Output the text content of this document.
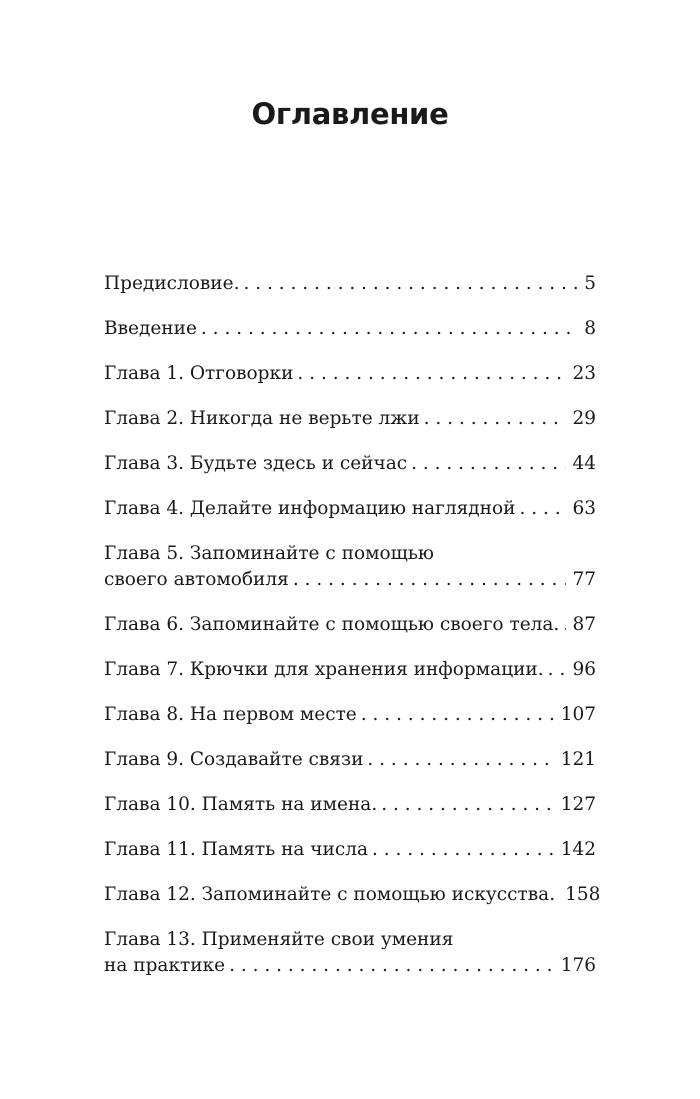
Оглавление
Предисловие. . . .	5
Введение . . .	8
Глава 1. Отговорки . . .	23
Глава 2. Никогда не верьте лжи . . .	29
Глава 3. Будьте здесь и сейчас . . .	44
Глава 4. Делайте информацию наглядной . . .	63
Глава 5. Запоминайте с помощью
своего автомобиля . . .	77
Глава 6. Запоминайте с помощью своего тела. . . . 87
Глава 7. Крючки для хранения информации. . . .	96
Глава 8. На первом месте . . .	107
Глава 9. Создавайте связи . . .	121
Глава 10. Память на имена. . . .	127
Глава 11. Память на числа . . .	142
Глава 12. Запоминайте с помощью искусства. 158
Глава 13. Применяйте свои умения
на практике . . .	176
